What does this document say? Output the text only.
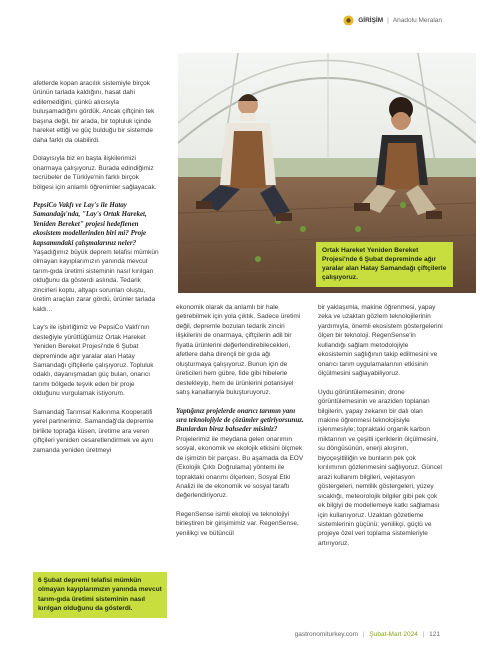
GİRİŞİM | Anadolu Meralan
Ortak Hareket Yeniden Bereket Projesi'nde 6 Şubat depreminde ağır yaralar alan Hatay Samandağı çiftçilerle çalışıyoruz.

afetlerde kopan aracılık sistemiyle birçok ürünün tarlada kaldığını, hasat dahi edilemediğini, çünkü alıcısıyla buluşamadığını gördük. Ancak çiftçinin tek başına değil, bir arada, bir topluluk içinde hareket ettiği ve güç bulduğu bir sistemde daha farklı da olabilirdi.

Dolayısıyla biz en başta ilişkilerimizi onarmaya çalışıyoruz. Burada edindiğimiz tecrübeler de Türkiye'nin farklı birçok bölgesi için anlamlı öğrenimler sağlayacak.

PepsiCo Vakfı ve Lay's ile Hatay Samandağı'nda, "Lay's Ortak Hareket, Yeniden Bereket" projesi hedeflenen ekosistem modellerinden biri mi? Proje kapsamındaki çalışmalarınız neler?

Yaşadığımız büyük deprem telafisi mümkün olmayan kayıplarımızın yanında mevcut tarım-gıda üretimi sisteminin nasıl kırılgan olduğunu da gösterdi aslında. Tedarik zincirleri koptu, altyapı sorunları oluştu, üretim araçları zarar gördü, ürünler tarlada kaldı...

Lay's ile işbirliğimiz ve PepsiCo Vakfı'nın desteğiyle yürüttüğümüz Ortak Hareket Yeniden Bereket Projesi'nde 6 Şubat depreminde ağır yaralar alan Hatay Samandağı çiftçilerle çalışıyoruz. Topluluk odaklı, dayanışmadan güç bulan, onarıcı tarımı bölgede teşvik eden bir proje olduğunu vurgulamak istiyorum.

Samandağ Tarımsal Kalkınma Kooperatifi yerel partnerimiz. Samandağ'da depremle birlikte toprağa küsen, üretime ara veren çiftçileri yeniden cesaretlendirmek ve aynı zamanda yeniden üretmeyi

6 Şubat depremi telafisi mümkün olmayan kayıplarımızın yanında mevcut tarım-gıda üretimi sisteminin nasıl kırılgan olduğunu da gösterdi.

ekonomik olarak da anlamlı bir hale getirebilmek için yola çıktık. Sadece üretimi değil, depremle bozulan tedarik zinciri ilişkilerini de onarmaya, çiftçilerin adil bir fiyatla ürünlerini değerlendirebilecekleri, afetlere daha dirençli bir gıda ağı oluşturmaya çalışıyoruz. Bunun için de üreticileri hem gübre, fide gibi hibelerle destekleyip, hem de ürünlerini potansiyel satış kanallarıyla buluşturuyoruz.

Yaptığınız projelerde onarıcı tarımın yanı sıra teknolojiyle de çözümler getiriyorsunuz. Bunlardan biraz bahseder misiniz?

Projelerimiz ile meydana gelen onarımın sosyal, ekonomik ve ekolojik etkisini ölçmek de işimizin bir parçası. Bu aşamada da EOV (Ekolojik Çıktı Doğrulama) yöntemi ile topraktaki onarımı ölçerken, Sosyal Etki Analizi ile de ekonomik ve sosyal taraftı değerlendiriyoruz.

RegenSense isimli ekoloji ve teknolojiyi birleştiren bir girişimimiz var. RegenSense, yenilikçi ve bütüncül

bir yaklaşımla, makine öğrenmesi, yapay zeka ve uzaktan gözlem teknolojilerinin yardımıyla, önemli ekosistem göstergelerini ölçen bir teknoloji. RegenSense'in kullandığı sağlam metodolojiyle ekosistemin sağlığının takip edilmesini ve onarıcı tarım uygulamalarının etkisinin ölçülmesini sağlayabiliyoruz.

Uydu görüntülemesinin, drone görüntülemesinin ve araziden toplanan bilgilerin, yapay zekanın bir dalı olan makine öğrenmesi teknolojisiyle işlenmesiyle; topraktaki organik karbon miktarının ve çeşitli içeriklerin ölçülmesini, su döngüsünün, enerji akışının, biyoçeşitliliğin ve bunların pek çok kırılımının gözlenmesini sağlıyoruz. Güncel arazi kullanım bilgileri, vejetasyon göstergeleri, nemlilik göstergeleri, yüzey sıcaklığı, meteorolojik bilgiler gibi pek çok ek bilgiyi de modellemeye katkı sağlaması için kullanıyoruz. Uzaktan gözetleme sistemlerinin güçünü; yenilikçi, güçlü ve projeye özel veri toplama sistemleriyle artırıyoruz.

gastronomiturkey.com | Şubat-Mart 2024 | 121
